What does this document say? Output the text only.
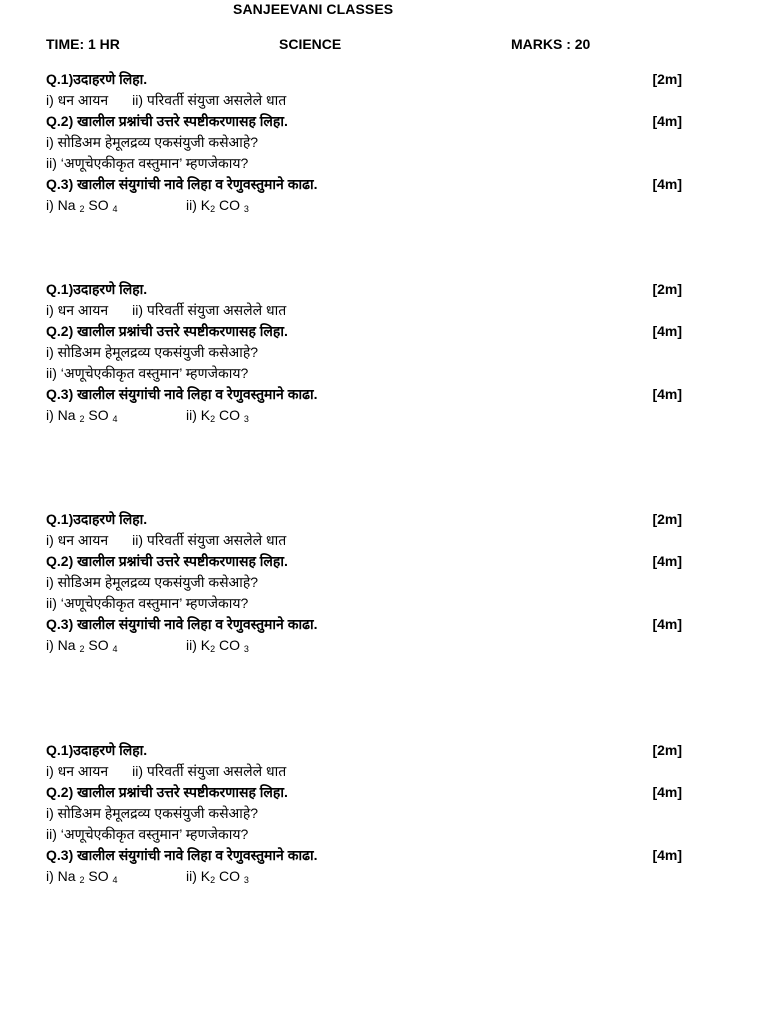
SANJEEVANI CLASSES
TIME: 1 HR	SCIENCE	MARKS : 20
Q.1)उदाहरणे लिहा.	[2m]
i) धन आयन ii) परिवर्ती संयुजा असलेले धात
Q.2) खालील प्रश्नांची उत्तरे स्पष्टीकरणासह लिहा.	[4m]
i) सोडिअम हेमूलद्रव्य एकसंयुजी कसेआहे?
ii) ‘अणूचेएकीकृत वस्तुमान’ म्हणजेकाय?
Q.3) खालील संयुगांची नावे लिहा व रेणुवस्तुमाने काढा.	[4m]
i) Na $_2$ SO $_4$	ii) $K_2$ CO $_3$
Q.1)उदाहरणे लिहा.	[2m]
i) धन आयन ii) परिवर्ती संयुजा असलेले धात
Q.2) खालील प्रश्नांची उत्तरे स्पष्टीकरणासह लिहा.	[4m]
i) सोडिअम हेमूलद्रव्य एकसंयुजी कसेआहे?
ii) ‘अणूचेएकीकृत वस्तुमान’ म्हणजेकाय?
Q.3) खालील संयुगांची नावे लिहा व रेणुवस्तुमाने काढा.	[4m]
i) Na $_2$ SO $_4$	ii) $K_2$ CO $_3$
Q.1)उदाहरणे लिहा.	[2m]
i) धन आयन ii) परिवर्ती संयुजा असलेले धात
Q.2) खालील प्रश्नांची उत्तरे स्पष्टीकरणासह लिहा.	[4m]
i) सोडिअम हेमूलद्रव्य एकसंयुजी कसेआहे?
ii) ‘अणूचेएकीकृत वस्तुमान’ म्हणजेकाय?
Q.3) खालील संयुगांची नावे लिहा व रेणुवस्तुमाने काढा.	[4m]
i) Na $_2$ SO $_4$	ii) $K_2$ CO $_3$
Q.1)उदाहरणे लिहा.	[2m]
i) धन आयन ii) परिवर्ती संयुजा असलेले धात
Q.2) खालील प्रश्नांची उत्तरे स्पष्टीकरणासह लिहा.	[4m]
i) सोडिअम हेमूलद्रव्य एकसंयुजी कसेआहे?
ii) ‘अणूचेएकीकृत वस्तुमान’ म्हणजेकाय?
Q.3) खालील संयुगांची नावे लिहा व रेणुवस्तुमाने काढा.	[4m]
i) Na $_2$ SO $_4$	ii) $K_2$ CO $_3$
